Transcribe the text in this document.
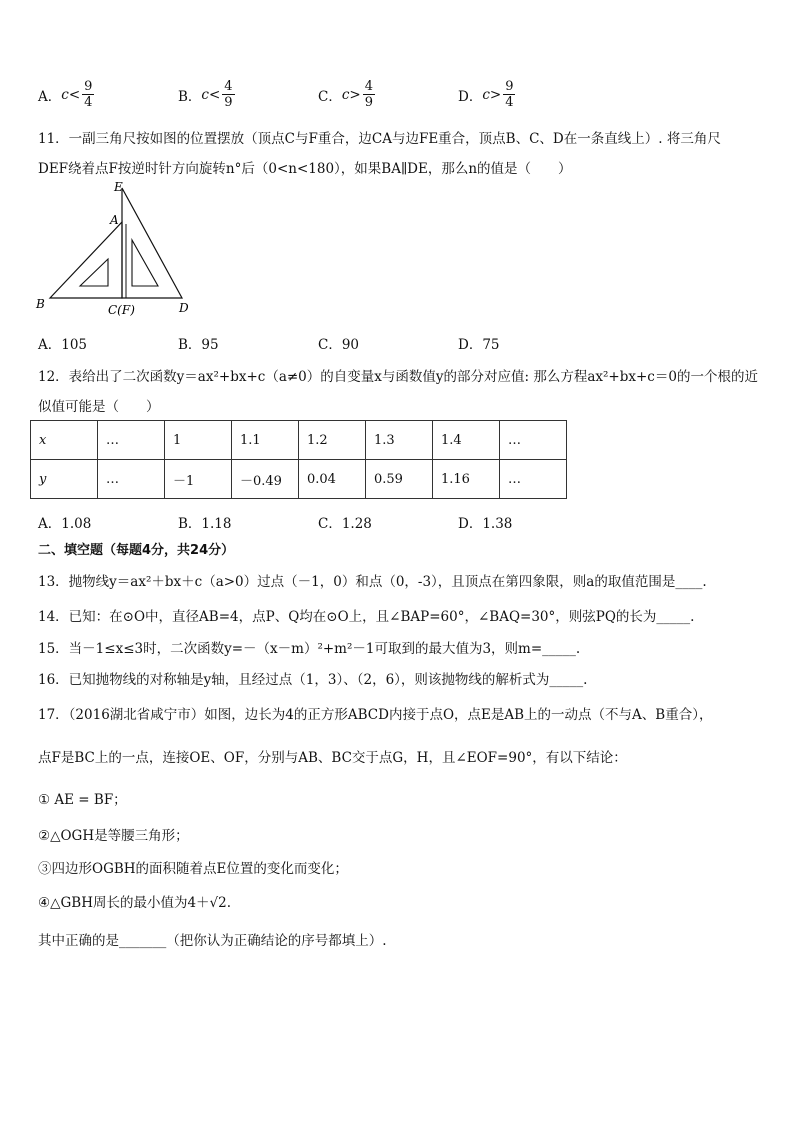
A． $c < \frac{9}{4}$	B． $c < \frac{4}{9}$	C． $c > \frac{4}{9}$	D． $c > \frac{9}{4}$
11．一副三角尺按如图的位置摆放（顶点C与F重合，边CA与边FE重合，顶点B、C、D在一条直线上）. 将三角尺
DEF绕着点F按逆时针方向旋转n°后（0<n<180），如果BA∥DE，那么n的值是（　　）
E
A
B	C(F)	D
A．105	B．95	C．90	D．75
12．表给出了二次函数y＝ax²+bx+c（a≠0）的自变量x与函数值y的部分对应值: 那么方程ax²+bx+c＝0的一个根的近
似值可能是（　　）
x	…	1	1.1	1.2	1.3	1.4	…
y	…	－1	－0.49	0.04	0.59	1.16	…
A．1.08	B．1.18	C．1.28	D．1.38
二、填空题（每题4分，共24分）
13．抛物线y＝ax²＋bx＋c（a>0）过点（－1，0）和点（0，-3），且顶点在第四象限，则a的取值范围是____.
14．已知：在⊙O中，直径AB=4，点P、Q均在⊙O上，且∠BAP=60°，∠BAQ=30°，则弦PQ的长为_____.
15．当－1≤x≤3时，二次函数y=－（x－m）²+m²－1可取到的最大值为3，则m=_____.
16．已知抛物线的对称轴是y轴，且经过点（1，3）、（2，6），则该抛物线的解析式为_____.
17．（2016湖北省咸宁市）如图，边长为4的正方形ABCD内接于点O，点E是AB上的一动点（不与A、B重合），
点F是BC上的一点，连接OE、OF，分别与AB、BC交于点G，H，且∠EOF=90°，有以下结论：
① AE = BF；
②△OGH是等腰三角形；
③四边形OGBH的面积随着点E位置的变化而变化；
④△GBH周长的最小值为4＋√2.
其中正确的是_______（把你认为正确结论的序号都填上）.
